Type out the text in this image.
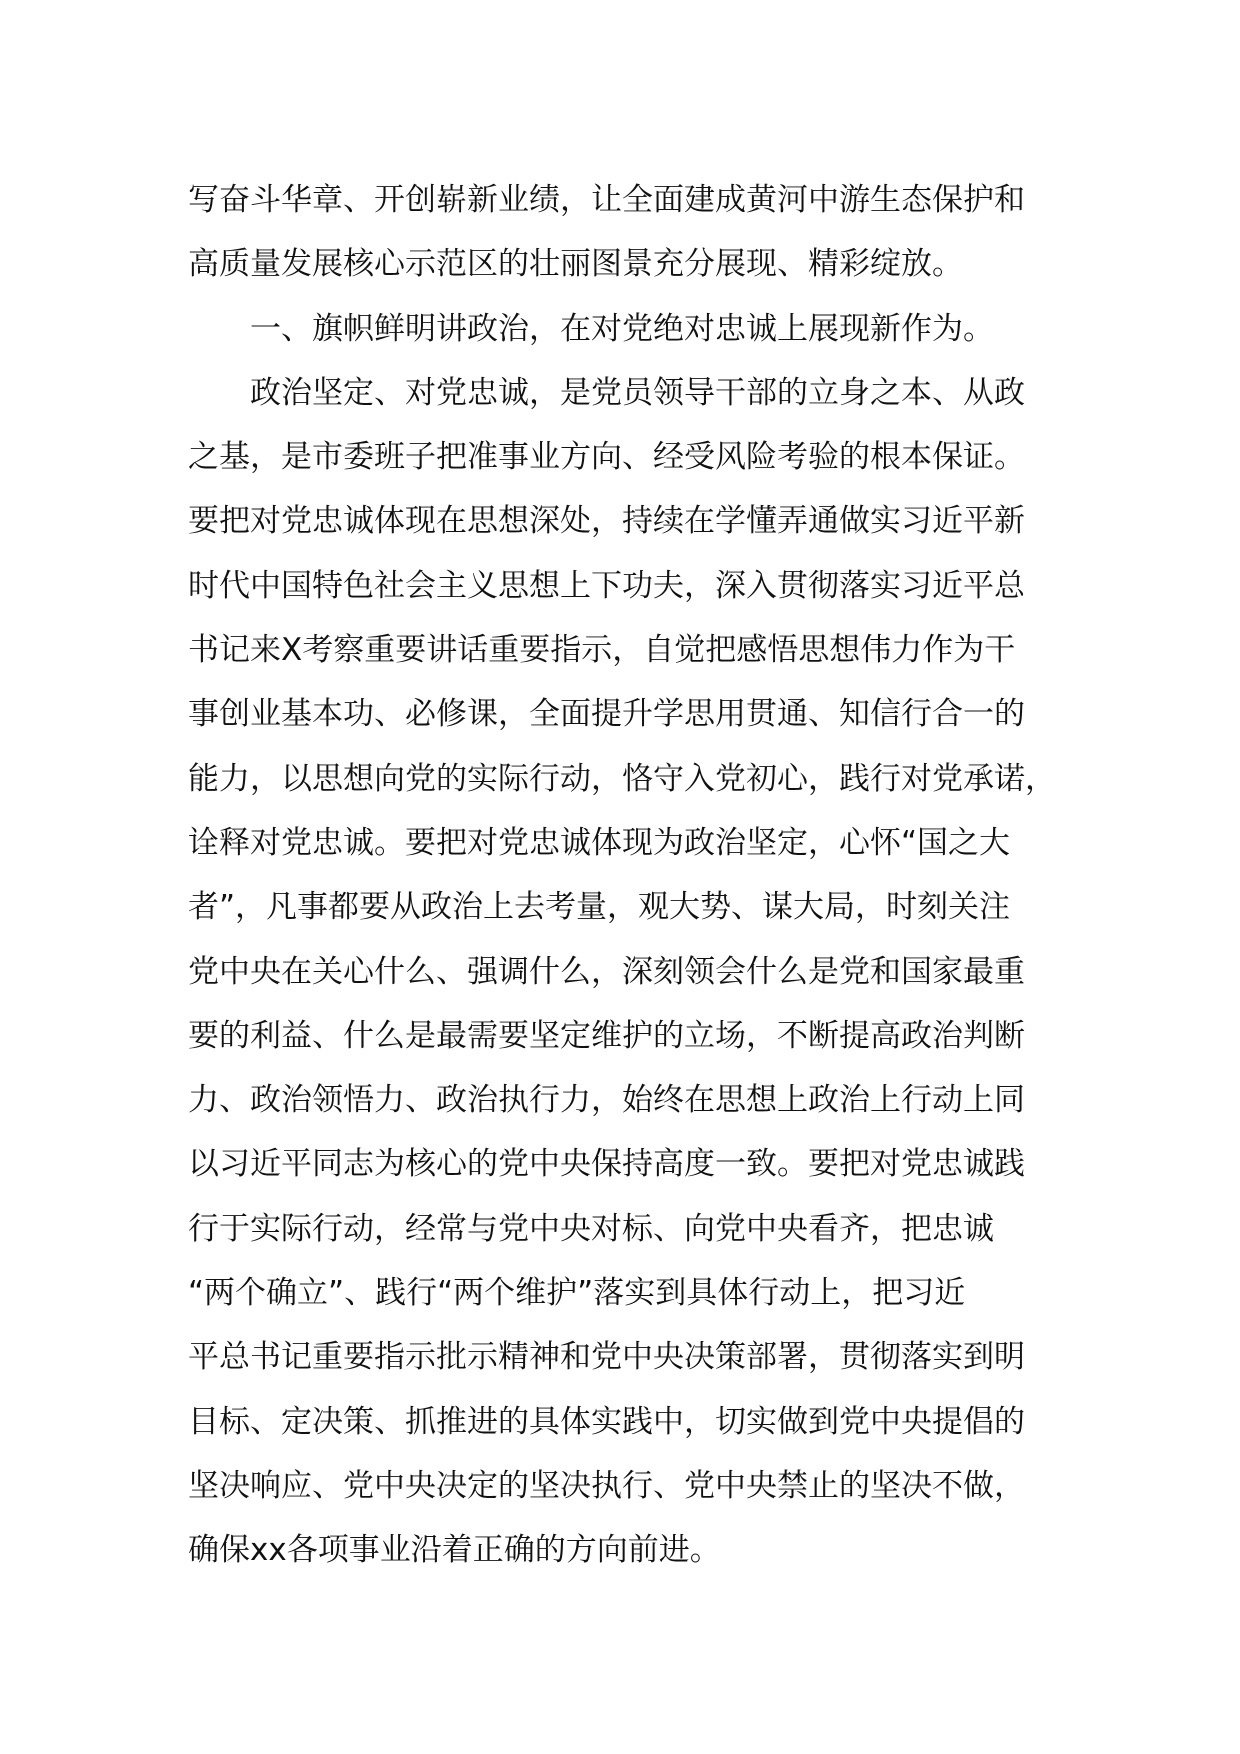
写奋斗华章、开创崭新业绩，让全面建成黄河中游生态保护和
高质量发展核心示范区的壮丽图景充分展现、精彩绽放。
一、旗帜鲜明讲政治，在对党绝对忠诚上展现新作为。
政治坚定、对党忠诚，是党员领导干部的立身之本、从政
之基，是市委班子把准事业方向、经受风险考验的根本保证。
要把对党忠诚体现在思想深处，持续在学懂弄通做实习近平新
时代中国特色社会主义思想上下功夫，深入贯彻落实习近平总
书记来X考察重要讲话重要指示，自觉把感悟思想伟力作为干
事创业基本功、必修课，全面提升学思用贯通、知信行合一的
能力，以思想向党的实际行动，恪守入党初心，践行对党承诺，
诠释对党忠诚。要把对党忠诚体现为政治坚定，心怀“国之大
者”，凡事都要从政治上去考量，观大势、谋大局，时刻关注
党中央在关心什么、强调什么，深刻领会什么是党和国家最重
要的利益、什么是最需要坚定维护的立场，不断提高政治判断
力、政治领悟力、政治执行力，始终在思想上政治上行动上同
以习近平同志为核心的党中央保持高度一致。要把对党忠诚践
行于实际行动，经常与党中央对标、向党中央看齐，把忠诚
“两个确立”、践行“两个维护”落实到具体行动上，把习近
平总书记重要指示批示精神和党中央决策部署，贯彻落实到明
目标、定决策、抓推进的具体实践中，切实做到党中央提倡的
坚决响应、党中央决定的坚决执行、党中央禁止的坚决不做，
确保xx各项事业沿着正确的方向前进。
